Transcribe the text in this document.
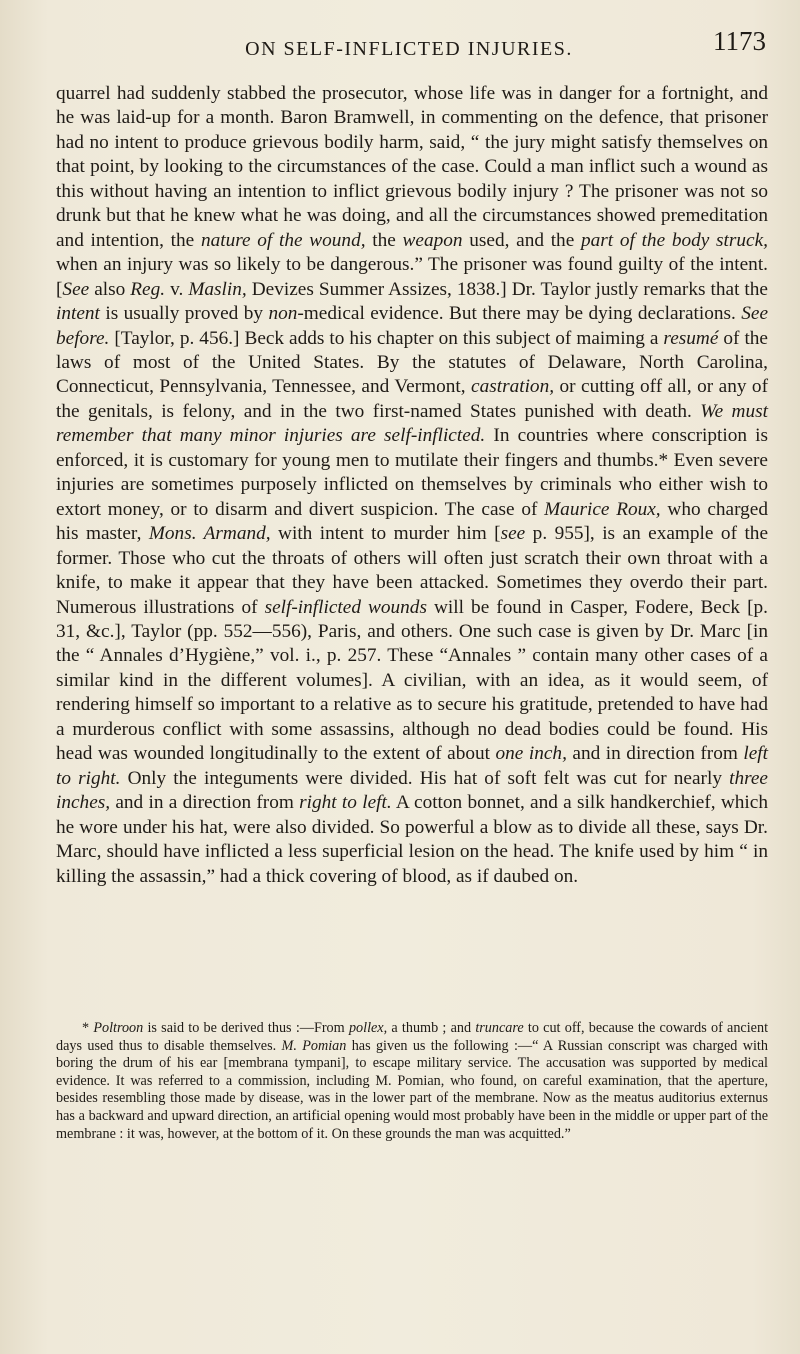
ON SELF-INFLICTED INJURIES.	1173

quarrel had suddenly stabbed the prosecutor, whose life was in danger for a fortnight, and he was laid-up for a month. Baron Bramwell, in commenting on the defence, that prisoner had no intent to produce grievous bodily harm, said, “ the jury might satisfy themselves on that point, by looking to the circumstances of the case. Could a man inflict such a wound as this without having an intention to inflict grievous bodily injury ? The prisoner was not so drunk but that he knew what he was doing, and all the circumstances showed premeditation and intention, the nature of the wound, the weapon used, and the part of the body struck, when an injury was so likely to be dangerous.” The prisoner was found guilty of the intent. [See also Reg. v. Maslin, Devizes Summer Assizes, 1838.] Dr. Taylor justly remarks that the intent is usually proved by non-medical evidence. But there may be dying declarations. See before. [Taylor, p. 456.] Beck adds to his chapter on this subject of maiming a resumé of the laws of most of the United States. By the statutes of Delaware, North Carolina, Connecticut, Pennsylvania, Tennessee, and Vermont, castration, or cutting off all, or any of the genitals, is felony, and in the two first-named States punished with death. We must remember that many minor injuries are self-inflicted. In countries where conscription is enforced, it is customary for young men to mutilate their fingers and thumbs.* Even severe injuries are sometimes purposely inflicted on themselves by criminals who either wish to extort money, or to disarm and divert suspicion. The case of Maurice Roux, who charged his master, Mons. Armand, with intent to murder him [see p. 955], is an example of the former. Those who cut the throats of others will often just scratch their own throat with a knife, to make it appear that they have been attacked. Sometimes they overdo their part. Numerous illustrations of self-inflicted wounds will be found in Casper, Fodere, Beck [p. 31, &c.], Taylor (pp. 552—556), Paris, and others. One such case is given by Dr. Marc [in the “ Annales d’Hygiène,” vol. i., p. 257. These “Annales ” contain many other cases of a similar kind in the different volumes]. A civilian, with an idea, as it would seem, of rendering himself so important to a relative as to secure his gratitude, pretended to have had a murderous conflict with some assassins, although no dead bodies could be found. His head was wounded longitudinally to the extent of about one inch, and in direction from left to right. Only the integuments were divided. His hat of soft felt was cut for nearly three inches, and in a direction from right to left. A cotton bonnet, and a silk handkerchief, which he wore under his hat, were also divided. So powerful a blow as to divide all these, says Dr. Marc, should have inflicted a less superficial lesion on the head. The knife used by him “ in killing the assassin,” had a thick covering of blood, as if daubed on.

* Poltroon is said to be derived thus :—From pollex, a thumb ; and truncare to cut off, because the cowards of ancient days used thus to disable themselves. M. Pomian has given us the following :—“ A Russian conscript was charged with boring the drum of his ear [membrana tympani], to escape military service. The accusation was supported by medical evidence. It was referred to a commission, including M. Pomian, who found, on careful examination, that the aperture, besides resembling those made by disease, was in the lower part of the membrane. Now as the meatus auditorius externus has a backward and upward direction, an artificial opening would most probably have been in the middle or upper part of the membrane : it was, however, at the bottom of it. On these grounds the man was acquitted.”
